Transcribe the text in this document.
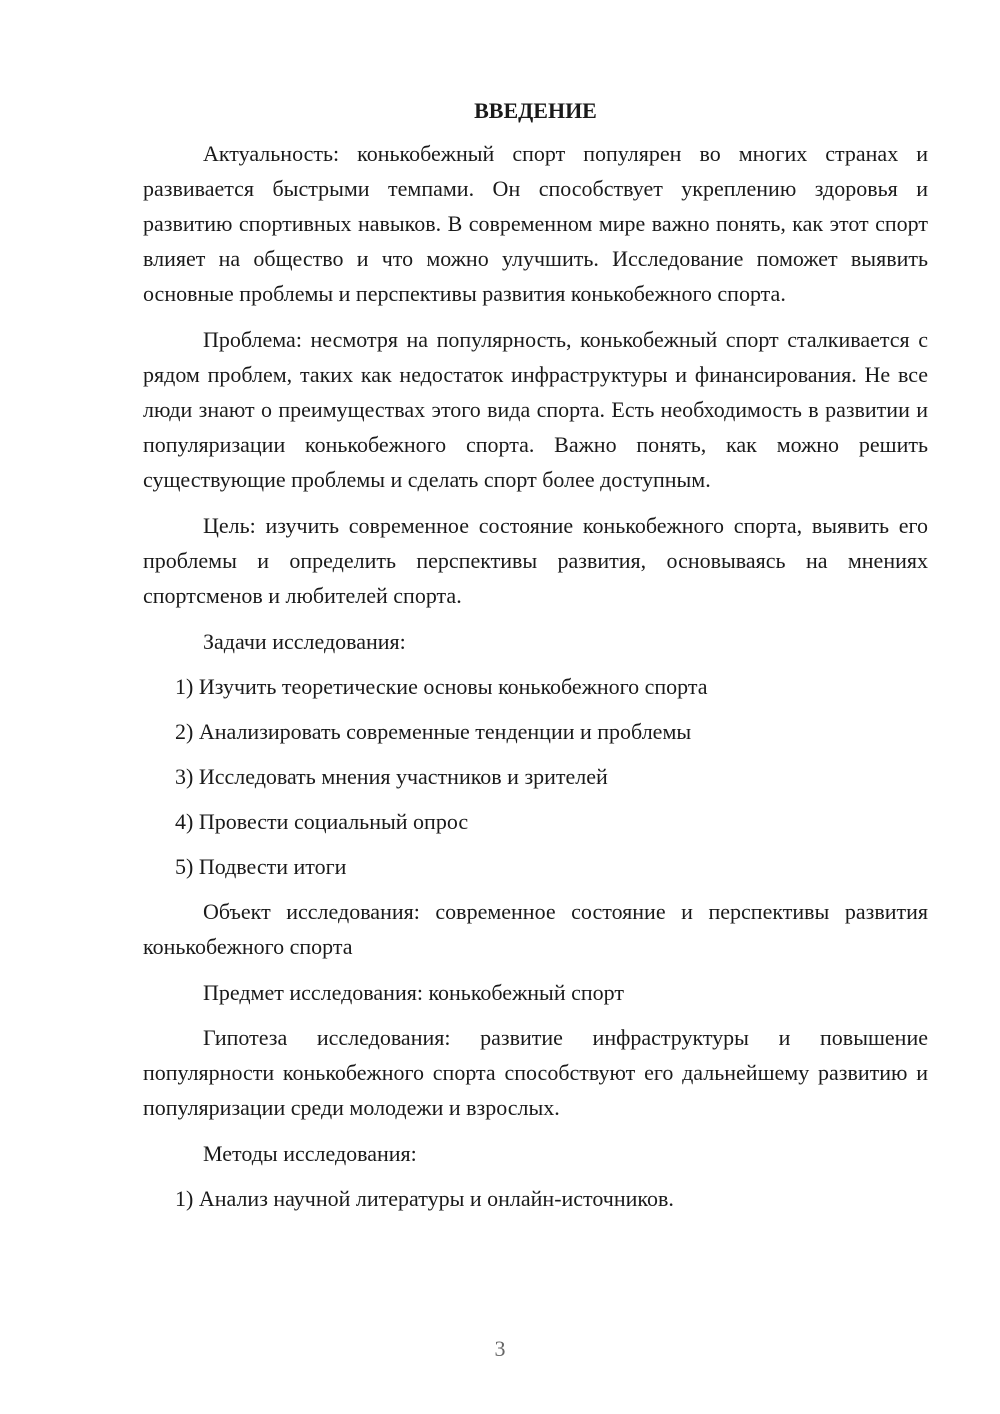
ВВЕДЕНИЕ

Актуальность: конькобежный спорт популярен во многих странах и развивается быстрыми темпами. Он способствует укреплению здоровья и развитию спортивных навыков. В современном мире важно понять, как этот спорт влияет на общество и что можно улучшить. Исследование поможет выявить основные проблемы и перспективы развития конькобежного спорта.

Проблема: несмотря на популярность, конькобежный спорт сталкивается с рядом проблем, таких как недостаток инфраструктуры и финансирования. Не все люди знают о преимуществах этого вида спорта. Есть необходимость в развитии и популяризации конькобежного спорта. Важно понять, как можно решить существующие проблемы и сделать спорт более доступным.

Цель: изучить современное состояние конькобежного спорта, выявить его проблемы и определить перспективы развития, основываясь на мнениях спортсменов и любителей спорта.

Задачи исследования:
1) Изучить теоретические основы конькобежного спорта
2) Анализировать современные тенденции и проблемы
3) Исследовать мнения участников и зрителей
4) Провести социальный опрос
5) Подвести итоги

Объект исследования: современное состояние и перспективы развития конькобежного спорта

Предмет исследования: конькобежный спорт

Гипотеза исследования: развитие инфраструктуры и повышение популярности конькобежного спорта способствуют его дальнейшему развитию и популяризации среди молодежи и взрослых.

Методы исследования:
1) Анализ научной литературы и онлайн-источников.
3
